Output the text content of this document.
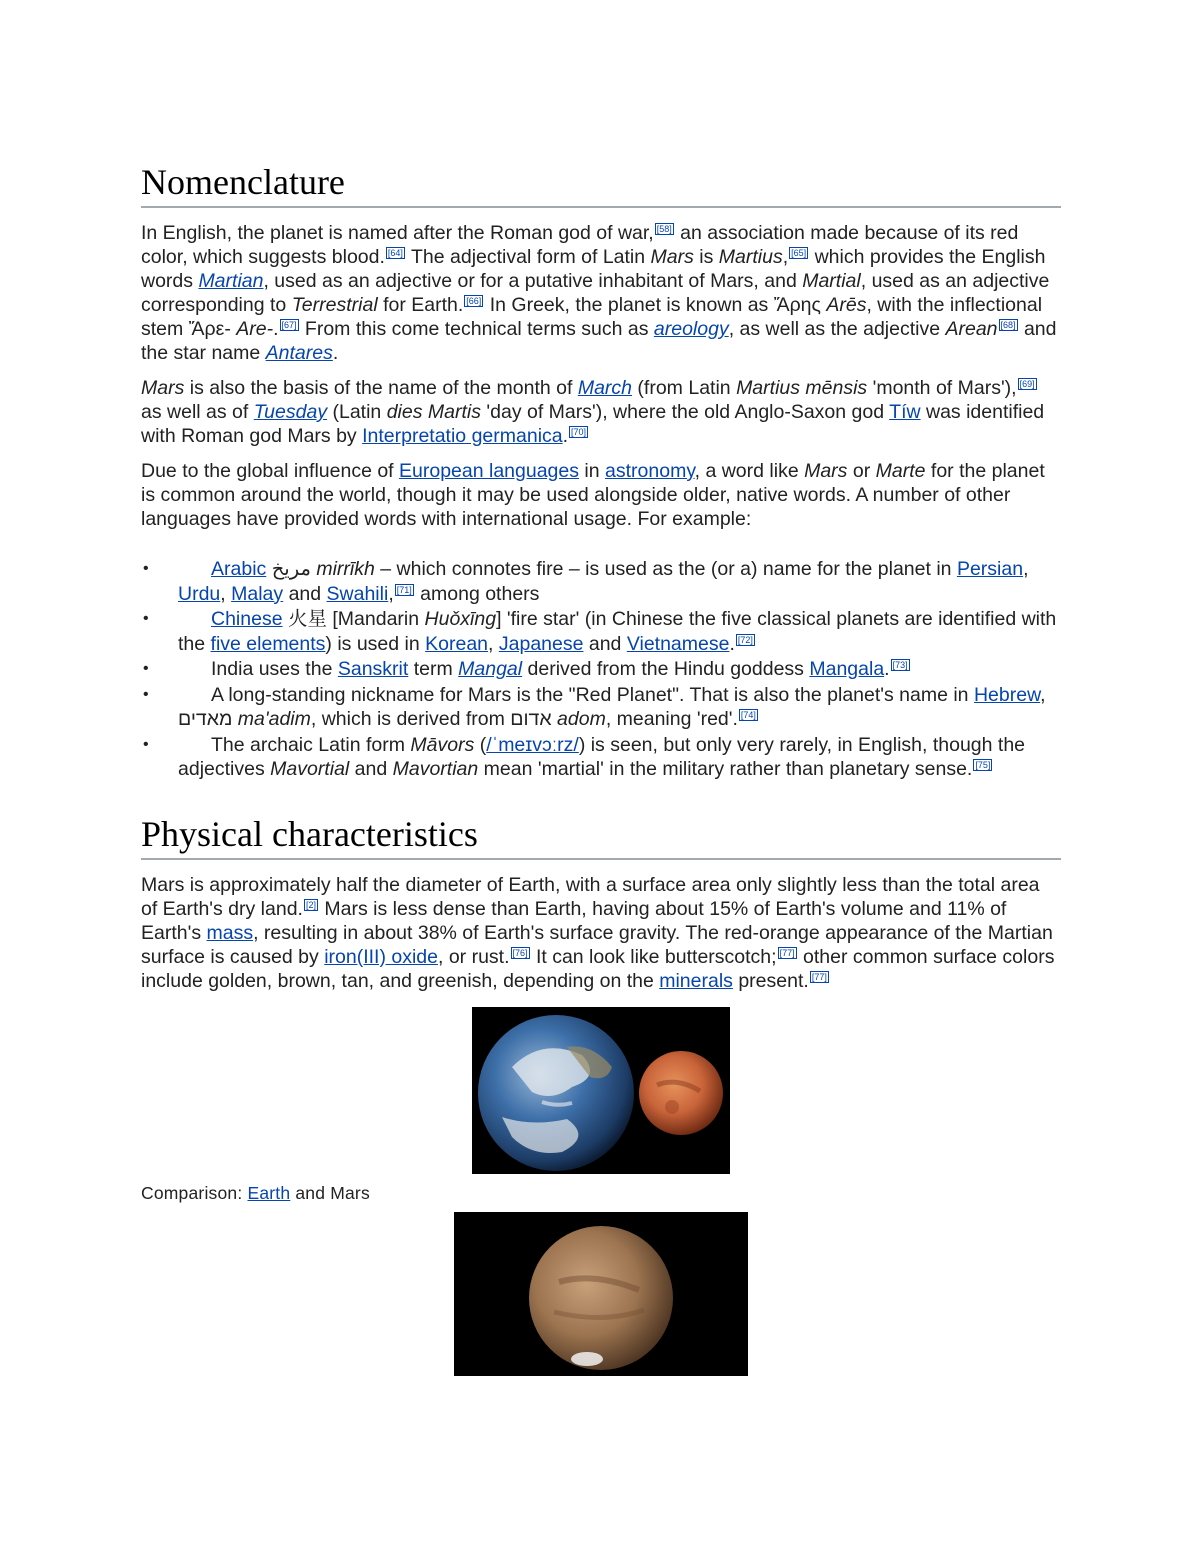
Nomenclature

In English, the planet is named after the Roman god of war, [58] an association made because of its red color, which suggests blood. [64] The adjectival form of Latin Mars is Martius, [65] which provides the English words Martian, used as an adjective or for a putative inhabitant of Mars, and Martial, used as an adjective corresponding to Terrestrial for Earth. [66] In Greek, the planet is known as Ἄρης Arēs, with the inflectional stem Ἄρε- Are-. [67] From this come technical terms such as areology, as well as the adjective Arean [68] and the star name Antares.

Mars is also the basis of the name of the month of March (from Latin Martius mēnsis 'month of Mars'), [69] as well as of Tuesday (Latin dies Martis 'day of Mars'), where the old Anglo-Saxon god Tíw was identified with Roman god Mars by Interpretatio germanica. [70]

Due to the global influence of European languages in astronomy, a word like Mars or Marte for the planet is common around the world, though it may be used alongside older, native words. A number of other languages have provided words with international usage. For example:

•	Arabic مريخ mirrīkh – which connotes fire – is used as the (or a) name for the planet in Persian, Urdu, Malay and Swahili, [71] among others
•	Chinese 火星 [Mandarin Huǒxīng] 'fire star' (in Chinese the five classical planets are identified with the five elements) is used in Korean, Japanese and Vietnamese. [72]
•	India uses the Sanskrit term Mangal derived from the Hindu goddess Mangala. [73]
•	A long-standing nickname for Mars is the "Red Planet". That is also the planet's name in Hebrew, מאדים ma'adim, which is derived from אדום adom, meaning 'red'. [74]
•	The archaic Latin form Māvors (/ˈmeɪvɔːrz/) is seen, but only very rarely, in English, though the adjectives Mavortial and Mavortian mean 'martial' in the military rather than planetary sense. [75]
Physical characteristics

Mars is approximately half the diameter of Earth, with a surface area only slightly less than the total area of Earth's dry land. [2] Mars is less dense than Earth, having about 15% of Earth's volume and 11% of Earth's mass, resulting in about 38% of Earth's surface gravity. The red-orange appearance of the Martian surface is caused by iron(III) oxide, or rust. [76] It can look like butterscotch; [77] other common surface colors include golden, brown, tan, and greenish, depending on the minerals present. [77]

Comparison: Earth and Mars
